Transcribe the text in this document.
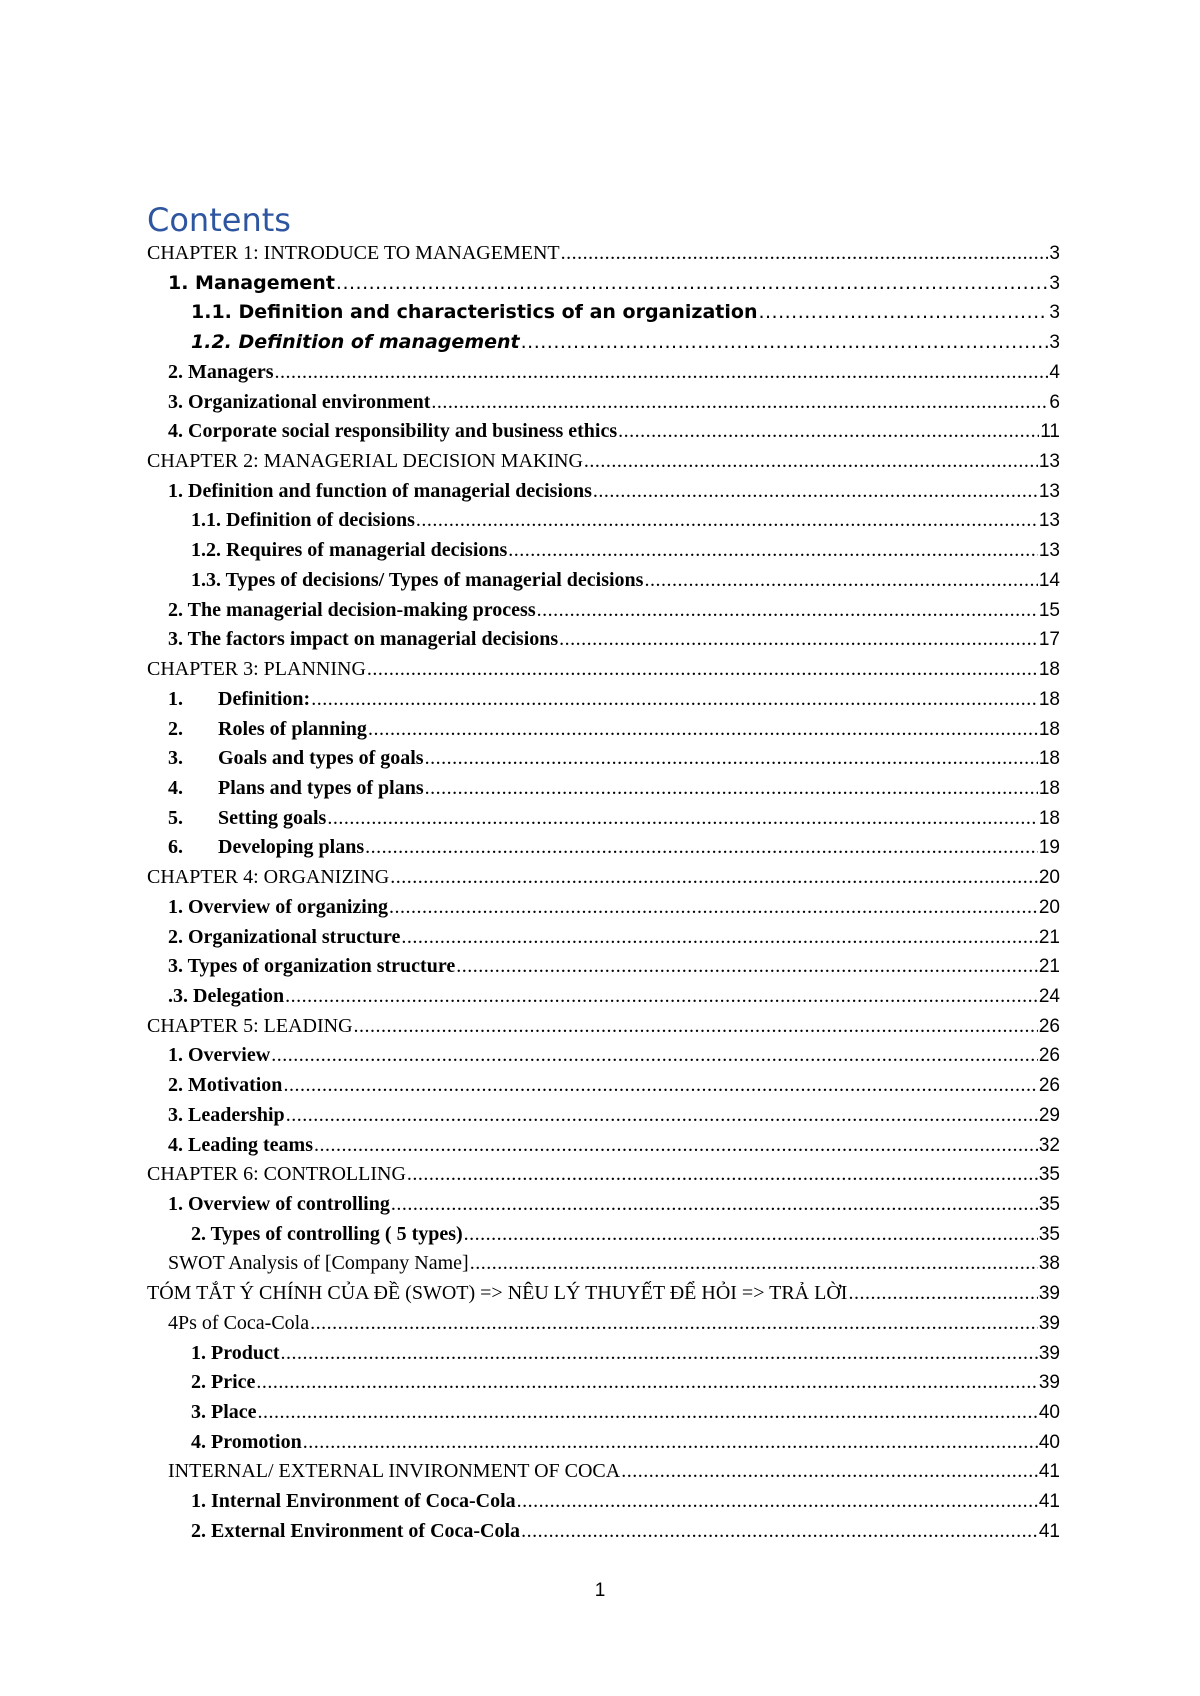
Contents
CHAPTER 1: INTRODUCE TO MANAGEMENT .....	3
1. Management .....	3
1.1. Definition and characteristics of an organization .....	3
1.2. Definition of management .....	3
2. Managers .....	4
3. Organizational environment .....	6
4. Corporate social responsibility and business ethics .....	11
CHAPTER 2: MANAGERIAL DECISION MAKING .....	13
1. Definition and function of managerial decisions .....	13
1.1. Definition of decisions .....	13
1.2. Requires of managerial decisions .....	13
1.3. Types of decisions/ Types of managerial decisions .....	14
2. The managerial decision-making process .....	15
3. The factors impact on managerial decisions .....	17
CHAPTER 3: PLANNING .....	18
1.	Definition: .....	18
2.	Roles of planning .....	18
3.	Goals and types of goals .....	18
4.	Plans and types of plans .....	18
5.	Setting goals .....	18
6.	Developing plans .....	19
CHAPTER 4: ORGANIZING .....	20
1. Overview of organizing .....	20
2. Organizational structure .....	21
3. Types of organization structure .....	21
.3. Delegation .....	24
CHAPTER 5: LEADING .....	26
1. Overview .....	26
2. Motivation .....	26
3. Leadership .....	29
4. Leading teams .....	32
CHAPTER 6: CONTROLLING .....	35
1. Overview of controlling .....	35
2. Types of controlling ( 5 types) .....	35
SWOT Analysis of [Company Name] .....	38
TÓM TẮT Ý CHÍNH CỦA ĐỀ (SWOT) => NÊU LÝ THUYẾT ĐỂ HỎI => TRẢ LỜI .....	39
4Ps of Coca-Cola .....	39
1. Product .....	39
2. Price .....	39
3. Place .....	40
4. Promotion .....	40
INTERNAL/ EXTERNAL INVIRONMENT OF COCA .....	41
1. Internal Environment of Coca-Cola .....	41
2. External Environment of Coca-Cola .....	41
1
